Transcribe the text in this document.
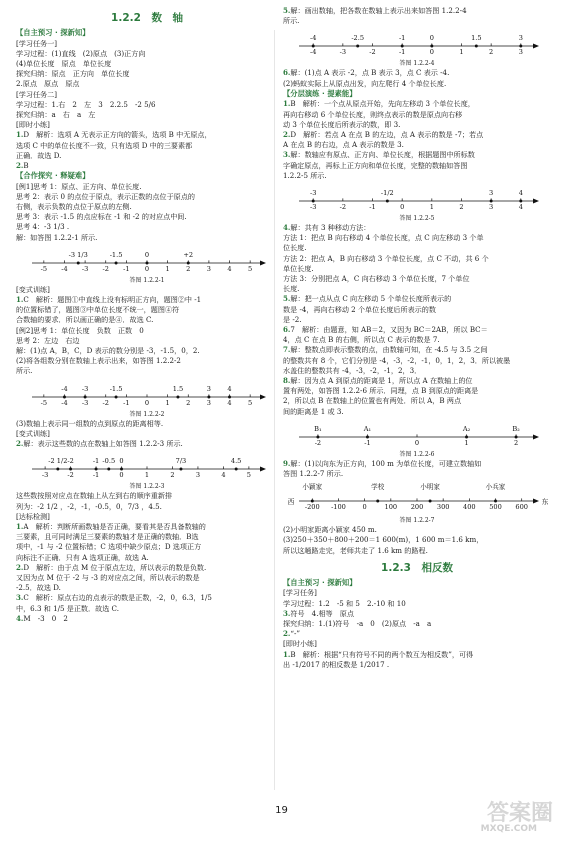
1.2.2　数　轴
【自主预习 · 探新知】
[学习任务一]
学习过程：(1)直线　(2)原点　(3)正方向
(4)单位长度　原点　单位长度
探究归纳：原点　正方向　单位长度
2.原点　原点　原点
[学习任务二]
学习过程：1.右　2　左　3　2.2.5　-2 5/6
探究归纳：a　右　a　左
[即时小练]
1.D　解析：选项 A 无表示正方向的箭头，选项 B 中无原点，
选项 C 中的单位长度不一致，只有选项 D 中的三要素都
正确．故选 D.
2.B
【合作探究 · 释疑难】
[例1]思考 1：原点、正方向、单位长度.
思考 2：表示 0 的点位于原点，表示正数的点位于原点的
右侧，表示负数的点位于原点的左侧.
思考 3：表示 -1.5 的点应标在 -1 和 -2 的对应点中间.
思考 4：-3 1/3 .
解：如答图 1.2.2-1 所示.
-5 -4 -3 -2 -1 0 1 2 3 4 5
-3 1/3	-1.5	0	+2
答图 1.2.2-1
[变式训练]
1.C　解析：题图①中直线上没有标明正方向，题图②中 -1
的位置标错了，题图③中单位长度不统一，题图④符
合数轴的要求．所以画正确的是④．故选 C.
[例2]思考 1：单位长度　负数　正数　0
思考 2：左边　右边
解：(1)点 A，B，C，D 表示的数分别是 -3，-1.5，0，2.
(2)将各组数分别在数轴上表示出来，如答图 1.2.2-2
所示.
-5 -4 -3 -2 -1 0 1 2 3 4 5
-4 -3	-1.5	1.5	3 4
答图 1.2.2-2
(3)数轴上表示同一组数的点到原点的距离相等.
[变式训练]
2.解：表示这些数的点在数轴上如答图 1.2.2-3 所示.
-3	-2	-1	0	1	2	3	4	5
-2 1/2 -2	-1 -0.5 0	7/3	4.5
答图 1.2.2-3
这些数按照对应点在数轴上从左到右的顺序重新排
列为：-2 1/2 ，-2，-1，-0.5，0，7/3 ，4.5.
[达标检测]
1.A　解析：判断所画数轴是否正确，要看其是否具备数轴的
三要素，且可同时满足三要素的数轴才是正确的数轴．B选
项中，-1 与 -2 位置标错；C 选项中缺少原点；D 选项正方
向标注不正确．只有 A 选项正确，故选 A.
2.D　解析：由于点 M 位于原点左边，所以表示的数是负数.
又因为点 M 位于 -2 与 -3 的对应点之间，所以表示的数是
-2.5．故选 D.
3.C　解析：原点右边的点表示的数是正数，-2，0，6.3，1/5
中，6.3 和 1/5 是正数．故选 C.
4.M　-3　0　2
5.解：画出数轴，把各数在数轴上表示出来如答图 1.2.2-4
所示.
-4	-3	-2	-1	0	1	2	3
-4	-2.5	-1	0	1.5	3
答图 1.2.2-4
6.解：(1)点 A 表示 -2，点 B 表示 3，点 C 表示 -4.
(2)蚂蚁实际上从原点出发，向左爬行 4 个单位长度.
【分层演练 · 提素能】
1.B　解析：一个点从原点开始，先向左移动 3 个单位长度，
再向右移动 6 个单位长度，则终点表示的数是原点向右移
动 3 个单位长度后所表示的数，即 3.
2.D　解析：若点 A 在点 B 的左边，点 A 表示的数是 -7；若点
A 在点 B 的右边，点 A 表示的数是 3.
3.解：数轴应有原点、正方向、单位长度，根据题图中所标数
字确定原点，再标上正方向和单位长度，完整的数轴如答图
1.2.2-5 所示.
-3	-2	-1	0	1	2	3	4
-3	-1/2	3	4
答图 1.2.2-5
4.解：共有 3 种移动方法：
方法 1：把点 B 向右移动 4 个单位长度，点 C 向左移动 3 个单
位长度.
方法 2：把点 A，B 向右移动 3 个单位长度，点 C 不动，共 6 个
单位长度.
方法 3：分别把点 A，C 向右移动 3 个单位长度，7 个单位
长度.
5.解：把一点从点 C 向左移动 5 个单位长度所表示的
数是 -4，再向右移动 2 个单位长度后所表示的数
是 -2.
6.7　解析：由题意，知 AB＝2，又因为 BC＝2AB，所以 BC＝
4，点 C 在点 B 的右侧，所以点 C 表示的数是 7.
7.解：整数点即表示整数的点，由数轴可知，在 -4.5 与 3.5 之间
的整数共有 8 个，它们分别是 -4，-3，-2，-1，0，1，2，3．所以被墨
水盖住的整数共有 -4，-3，-2，-1，2，3．
8.解：因为点 A 到原点的距离是 1，所以点 A 在数轴上的位
置有两处，如答图 1.2.2-6 所示．同理，点 B 到原点的距离是
2，所以点 B 在数轴上的位置也有两处．所以 A，B 两点
间的距离是 1 或 3.
-2	-1	0	1	2
B₁	A₁	A₂	B₂
答图 1.2.2-6
9.解：(1)以向东为正方向，100 m 为单位长度，可建立数轴如
答图 1.2.2-7 所示.
-200 -100	0	100 200 300 400 500 600
小颖家	学校	小明家	小兵家
西	东
答图 1.2.2-7
(2)小明家距离小颖家 450 m.
(3)250＋350＋800＋200＝1 600(m)，1 600 m＝1.6 km，
所以这趟路走完，老师共走了 1.6 km 的路程.
1.2.3　相反数
【自主预习 · 探新知】
[学习任务]
学习过程：1.2　-5 和 5　2.-10 和 10
3.符号　4.相等　原点
探究归纳：1.(1)符号　-a　0　(2)原点　-a　a
2.“-”
[即时小练]
1.B　解析：根据“只有符号不同的两个数互为相反数”，可得
出 -1/2017 的相反数是 1/2017 .
19	答案圈
MXQE.COM
